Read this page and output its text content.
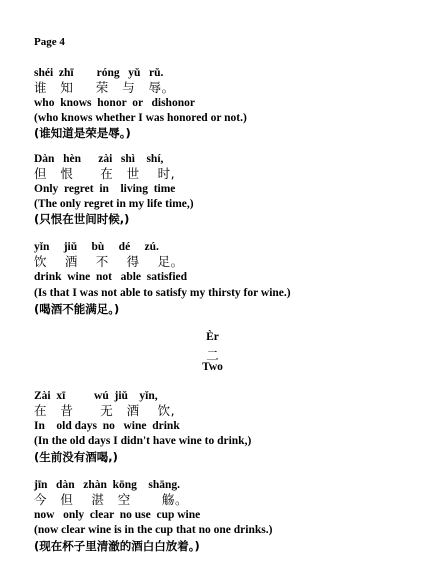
Page 4
shéi  zhī        róng   yǔ   rǔ.
谁   知     荣   与   辱。
who  knows  honor  or   dishonor
(who knows whether I was honored or not.)
(谁知道是荣是辱。)
Dàn   hèn      zài   shì    shí,
但   恨      在   世    时,
Only  regret  in    living  time
(The only regret in my life time,)
(只恨在世间时候,)
yǐn     jiǔ     bù     dé     zú.
饮    酒    不    得    足。
drink  wine  not   able  satisfied
(Is that I was not able to satisfy my thirsty for wine.)
(喝酒不能满足。)
Èr
二
Two
Zài  xī          wú  jiǔ    yǐn,
在   昔      无   酒    饮,
In    old days  no   wine  drink
(In the old days I didn't have wine to drink,)
(生前没有酒喝,)
jīn   dàn   zhàn  kōng    shāng.
今   但    湛   空       觞。
now   only  clear  no use  cup wine
(now clear wine is in the cup that no one drinks.)
(现在杯子里清澈的酒白白放着。)
